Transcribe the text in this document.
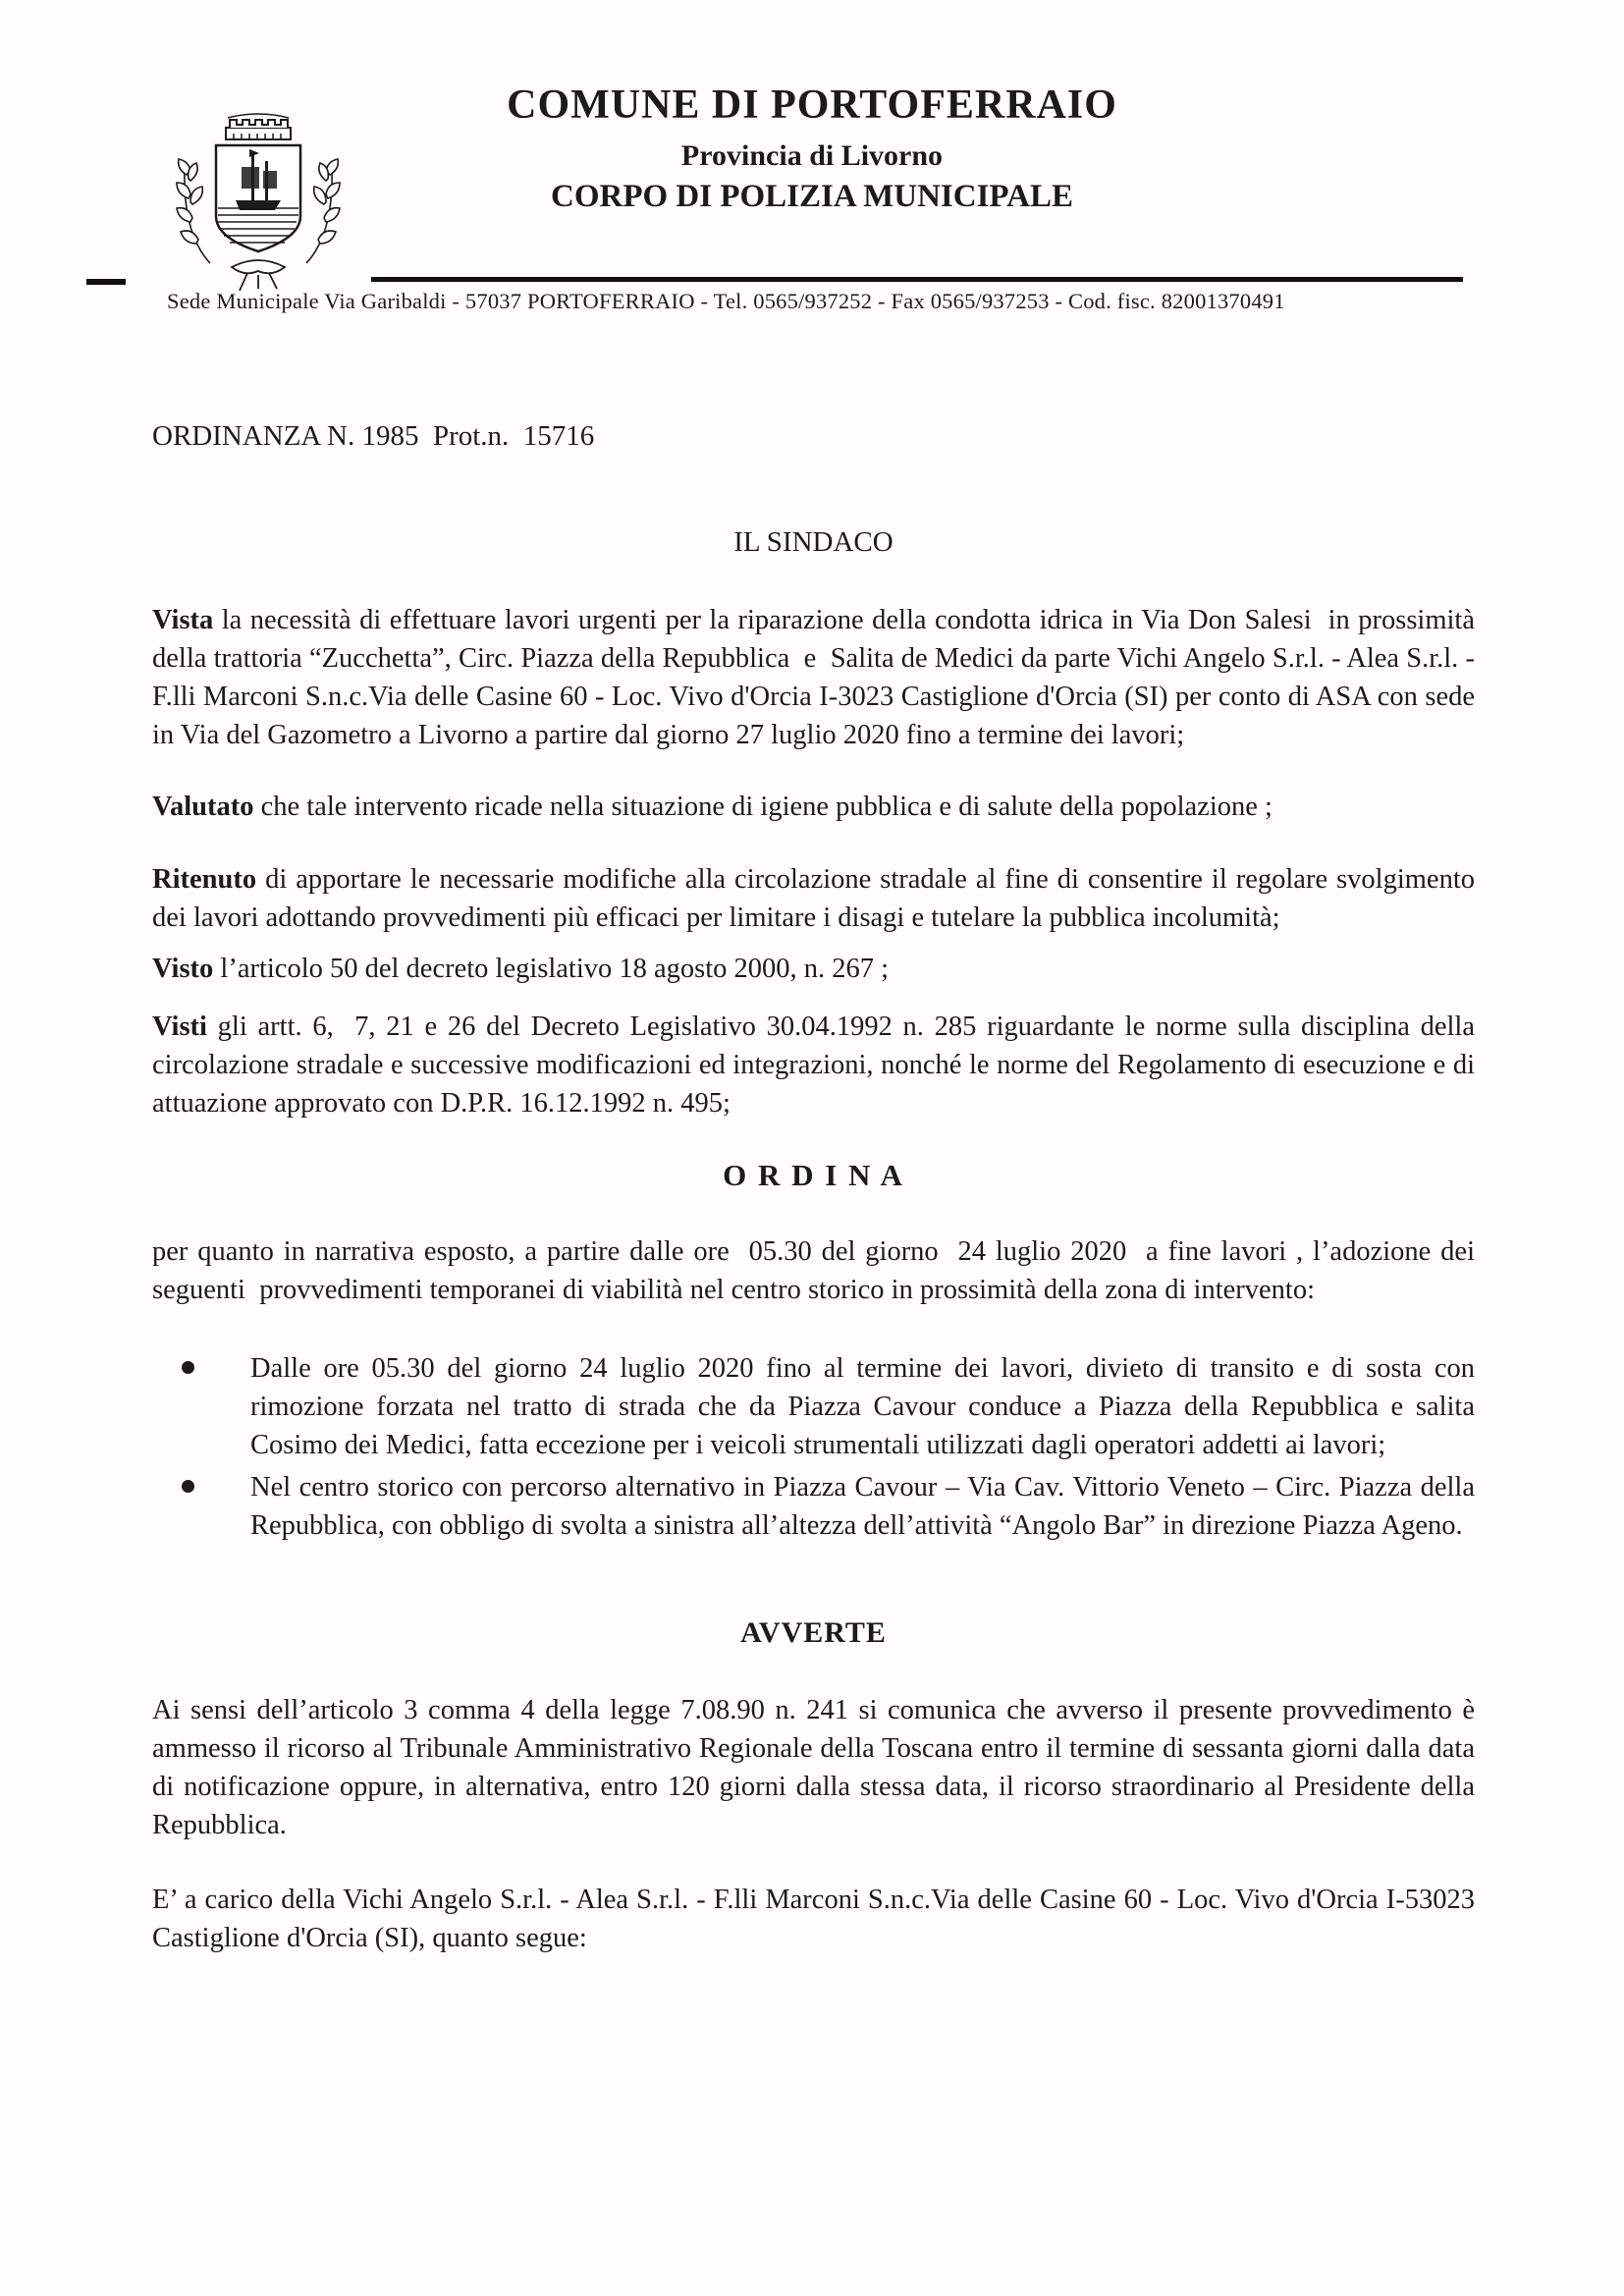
COMUNE DI PORTOFERRAIO
Provincia di Livorno
CORPO DI POLIZIA MUNICIPALE
Sede Municipale Via Garibaldi - 57037 PORTOFERRAIO - Tel. 0565/937252 - Fax 0565/937253 - Cod. fisc. 82001370491
ORDINANZA N. 1985  Prot.n.  15716
IL SINDACO

Vista la necessità di effettuare lavori urgenti per la riparazione della condotta idrica in Via Don Salesi  in prossimità della trattoria “Zucchetta”, Circ. Piazza della Repubblica  e  Salita de Medici da parte Vichi Angelo S.r.l. - Alea S.r.l. - F.lli Marconi S.n.c.Via delle Casine 60 - Loc. Vivo d'Orcia I-3023 Castiglione d'Orcia (SI) per conto di ASA con sede in Via del Gazometro a Livorno a partire dal giorno 27 luglio 2020 fino a termine dei lavori;

Valutato che tale intervento ricade nella situazione di igiene pubblica e di salute della popolazione ;

Ritenuto di apportare le necessarie modifiche alla circolazione stradale al fine di consentire il regolare svolgimento dei lavori adottando provvedimenti più efficaci per limitare i disagi e tutelare la pubblica incolumità;

Visto l’articolo 50 del decreto legislativo 18 agosto 2000, n. 267 ;

Visti gli artt. 6,  7, 21 e 26 del Decreto Legislativo 30.04.1992 n. 285 riguardante le norme sulla disciplina della circolazione stradale e successive modificazioni ed integrazioni, nonché le norme del Regolamento di esecuzione e di attuazione approvato con D.P.R. 16.12.1992 n. 495;

O R D I N A

per quanto in narrativa esposto, a partire dalle ore  05.30 del giorno  24 luglio 2020  a fine lavori , l’adozione dei seguenti  provvedimenti temporanei di viabilità nel centro storico in prossimità della zona di intervento:

Dalle ore 05.30 del giorno 24 luglio 2020 fino al termine dei lavori, divieto di transito e di sosta con rimozione forzata nel tratto di strada che da Piazza Cavour conduce a Piazza della Repubblica e salita Cosimo dei Medici, fatta eccezione per i veicoli strumentali utilizzati dagli operatori addetti ai lavori;
Nel centro storico con percorso alternativo in Piazza Cavour – Via Cav. Vittorio Veneto – Circ. Piazza della Repubblica, con obbligo di svolta a sinistra all’altezza dell’attività “Angolo Bar” in direzione Piazza Ageno.
AVVERTE

Ai sensi dell’articolo 3 comma 4 della legge 7.08.90 n. 241 si comunica che avverso il presente provvedimento è ammesso il ricorso al Tribunale Amministrativo Regionale della Toscana entro il termine di sessanta giorni dalla data di notificazione oppure, in alternativa, entro 120 giorni dalla stessa data, il ricorso straordinario al Presidente della Repubblica.

E’ a carico della Vichi Angelo S.r.l. - Alea S.r.l. - F.lli Marconi S.n.c.Via delle Casine 60 - Loc. Vivo d'Orcia I-53023 Castiglione d'Orcia (SI), quanto segue:
